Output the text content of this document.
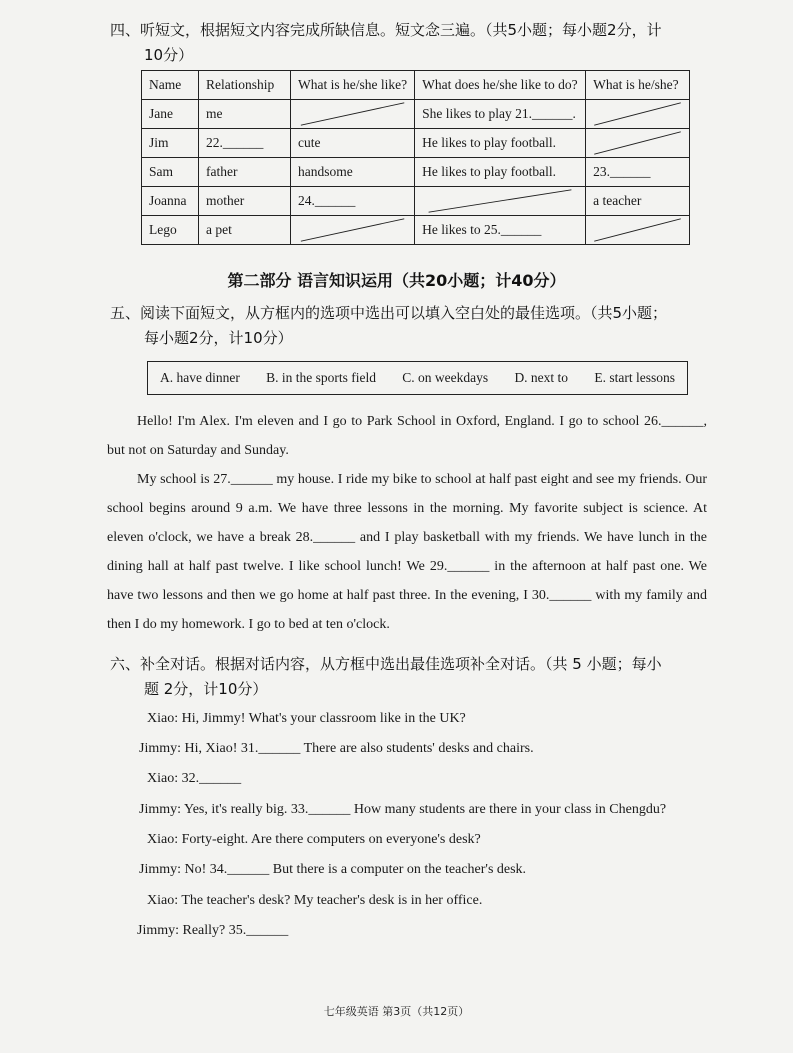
四、听短文，根据短文内容完成所缺信息。短文念三遍。（共5小题；每小题2分，计
10分）
Name	Relationship	What is he/she like?	What does he/she like to do?	What is he/she?
Jane	me		She likes to play 21.______.	

Jim	22.______	cute	He likes to play football.	

Sam	father	handsome	He likes to play football.	23.______
Joanna	mother	24.______		a teacher
Lego	a pet		He likes to 25.______	
第二部分 语言知识运用（共20小题；计40分）
五、阅读下面短文，从方框内的选项中选出可以填入空白处的最佳选项。（共5小题；
每小题2分，计10分）
A. have dinner B. in the sports field C. on weekdays D. next to E. start lessons

Hello! I'm Alex. I'm eleven and I go to Park School in Oxford, England. I go to school 26.______, but not on Saturday and Sunday.

My school is 27.______ my house. I ride my bike to school at half past eight and see my friends. Our school begins around 9 a.m. We have three lessons in the morning. My favorite subject is science. At eleven o'clock, we have a break 28.______ and I play basketball with my friends. We have lunch in the dining hall at half past twelve. I like school lunch! We 29.______ in the afternoon at half past one. We have two lessons and then we go home at half past three. In the evening, I 30.______ with my family and then I do my homework. I go to bed at ten o'clock.

六、补全对话。根据对话内容，从方框中选出最佳选项补全对话。（共 5 小题；每小
题 2分，计10分）
Xiao: Hi, Jimmy! What's your classroom like in the UK?
Jimmy: Hi, Xiao! 31.______ There are also students' desks and chairs.
Xiao: 32.______
Jimmy: Yes, it's really big. 33.______ How many students are there in your class in Chengdu?
Xiao: Forty-eight. Are there computers on everyone's desk?
Jimmy: No! 34.______ But there is a computer on the teacher's desk.
Xiao: The teacher's desk? My teacher's desk is in her office.
Jimmy: Really? 35.______
七年级英语 第3页（共12页）
